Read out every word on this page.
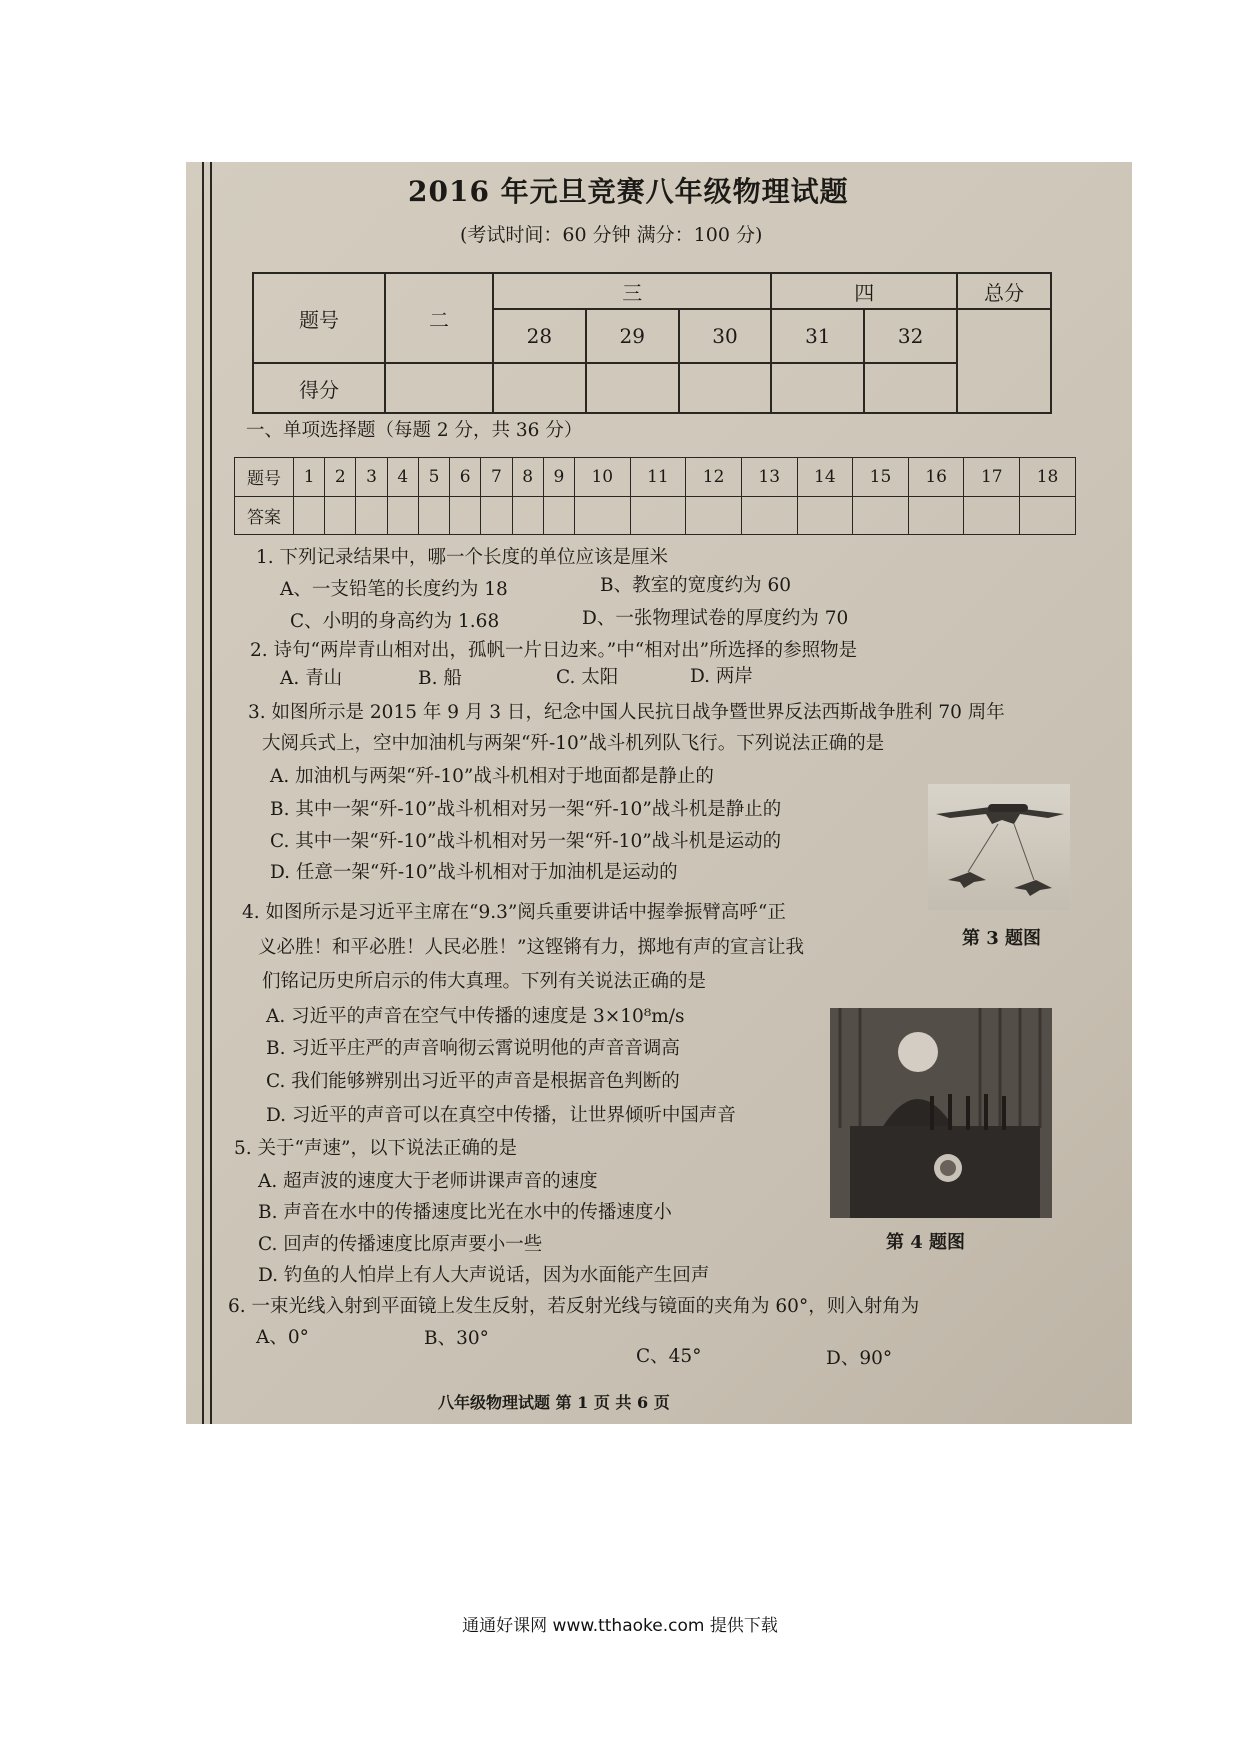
2016 年元旦竞赛八年级物理试题
(考试时间：60 分钟 满分：100 分)
题号	二	三			四		总分
		28	29	30	31	32	
得分							
一、单项选择题（每题 2 分，共 36 分）
题号	1	2	3	4	5	6	7	8	9	10	11	12	13	14	15	16	17	18
答案																		
1. 下列记录结果中，哪一个长度的单位应该是厘米
A、一支铅笔的长度约为 18	B、教室的宽度约为 60
C、小明的身高约为 1.68	D、一张物理试卷的厚度约为 70
2. 诗句“两岸青山相对出，孤帆一片日边来。”中“相对出”所选择的参照物是
A. 青山	B. 船	C. 太阳	D. 两岸
3. 如图所示是 2015 年 9 月 3 日，纪念中国人民抗日战争暨世界反法西斯战争胜利 70 周年
大阅兵式上，空中加油机与两架“歼-10”战斗机列队飞行。下列说法正确的是
A. 加油机与两架“歼-10”战斗机相对于地面都是静止的
B. 其中一架“歼-10”战斗机相对另一架“歼-10”战斗机是静止的
C. 其中一架“歼-10”战斗机相对另一架“歼-10”战斗机是运动的
D. 任意一架“歼-10”战斗机相对于加油机是运动的
第 3 题图
4. 如图所示是习近平主席在“9.3”阅兵重要讲话中握拳振臂高呼“正
义必胜！和平必胜！人民必胜！”这铿锵有力，掷地有声的宣言让我
们铭记历史所启示的伟大真理。下列有关说法正确的是
A. 习近平的声音在空气中传播的速度是 3×10⁸m/s
B. 习近平庄严的声音响彻云霄说明他的声音音调高
C. 我们能够辨别出习近平的声音是根据音色判断的
D. 习近平的声音可以在真空中传播，让世界倾听中国声音
第 4 题图
5. 关于“声速”，以下说法正确的是
A. 超声波的速度大于老师讲课声音的速度
B. 声音在水中的传播速度比光在水中的传播速度小
C. 回声的传播速度比原声要小一些
D. 钓鱼的人怕岸上有人大声说话，因为水面能产生回声
6. 一束光线入射到平面镜上发生反射，若反射光线与镜面的夹角为 60°，则入射角为
A、0°	B、30°
C、45°	D、90°
八年级物理试题 第 1 页 共 6 页
通通好课网 www.tthaoke.com 提供下载
